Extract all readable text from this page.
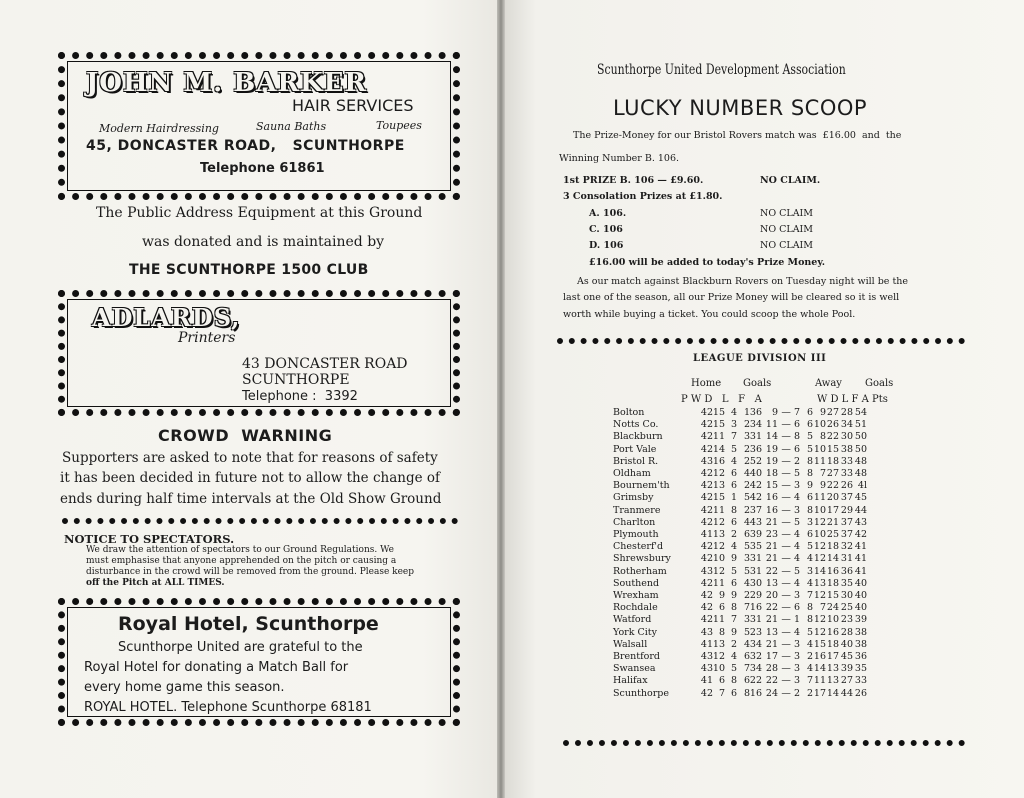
JOHN M. BARKER
HAIR SERVICES
Modern Hairdressing	Sauna Baths	Toupees
45, DONCASTER ROAD,   SCUNTHORPE
Telephone 61861
The Public Address Equipment at this Ground
was donated and is maintained by
THE SCUNTHORPE 1500 CLUB
ADLARDS,
Printers
43 DONCASTER ROAD
SCUNTHORPE
Telephone :  3392
CROWD  WARNING
Supporters are asked to note that for reasons of safety
it has been decided in future not to allow the change of
ends during half time intervals at the Old Show Ground
NOTICE TO SPECTATORS.
We draw the attention of spectators to our Ground Regulations. We
must emphasise that anyone apprehended on the pitch or causing a
disturbance in the crowd will be removed from the ground. Please keep
off the Pitch at ALL TIMES.
Royal Hotel, Scunthorpe
Scunthorpe United are grateful to the
Royal Hotel for donating a Match Ball for
every home game this season.
ROYAL HOTEL. Telephone Scunthorpe 68181
Scunthorpe United Development Association
LUCKY NUMBER SCOOP
The Prize-Money for our Bristol Rovers match was  £16.00  and  the
Winning Number B. 106.
1st PRIZE B. 106 — £9.60.	NO CLAIM.
3 Consolation Prizes at £1.80.
A. 106.	NO CLAIM
C. 106	NO CLAIM
D. 106	NO CLAIM
£16.00 will be added to today's Prize Money.
As our match against Blackburn Rovers on Tuesday night will be the
last one of the season, all our Prize Money will be cleared so it is well
worth while buying a ticket. You could scoop the whole Pool.
LEAGUE DIVISION III
Home Goals	Away Goals
P W D   L   F   A	W D L F A Pts
Bolton	42 15 4 1 36 9 — 7 6 9 27 28 54
Notts Co.	42 15 3 2 34 11 — 6 6 10 26 34 51
Blackburn	42 11 7 3 31 14 — 8 5 8 22 30 50
Port Vale	42 14 5 2 36 19 — 6 5 10 15 38 50
Bristol R.	43 16 4 2 52 19 — 2 8 11 18 33 48
Oldham	42 12 6 4 40 18 — 5 8 7 27 33 48
Bournem'th	42 13 6 2 42 15 — 3 9 9 22 26 4l
Grimsby	42 15 1 5 42 16 — 4 6 11 20 37 45
Tranmere	42 11 8 2 37 16 — 3 8 10 17 29 44
Charlton	42 12 6 4 43 21 — 5 3 12 21 37 43
Plymouth	41 13 2 6 39 23 — 4 6 10 25 37 42
Chesterf'd	42 12 4 5 35 21 — 4 5 12 18 32 41
Shrewsbury	42 10 9 3 31 21 — 4 4 12 14 31 41
Rotherham	43 12 5 5 31 22 — 5 3 14 16 36 41
Southend	42 11 6 4 30 13 — 4 4 13 18 35 40
Wrexham	42 9 9 2 29 20 — 3 7 12 15 30 40
Rochdale	42 6 8 7 16 22 — 6 8 7 24 25 40
Watford	42 11 7 3 31 21 — 1 8 12 10 23 39
York City	43 8 9 5 23 13 — 4 5 12 16 28 38
Walsall	41 13 2 4 34 21 — 3 4 15 18 40 38
Brentford	43 12 4 6 32 17 — 3 2 16 17 45 36
Swansea	43 10 5 7 34 28 — 3 4 14 13 39 35
Halifax	41 6 8 6 22 22 — 3 7 11 13 27 33
Scunthorpe	42 7 6 8 16 24 — 2 2 17 14 44 26
